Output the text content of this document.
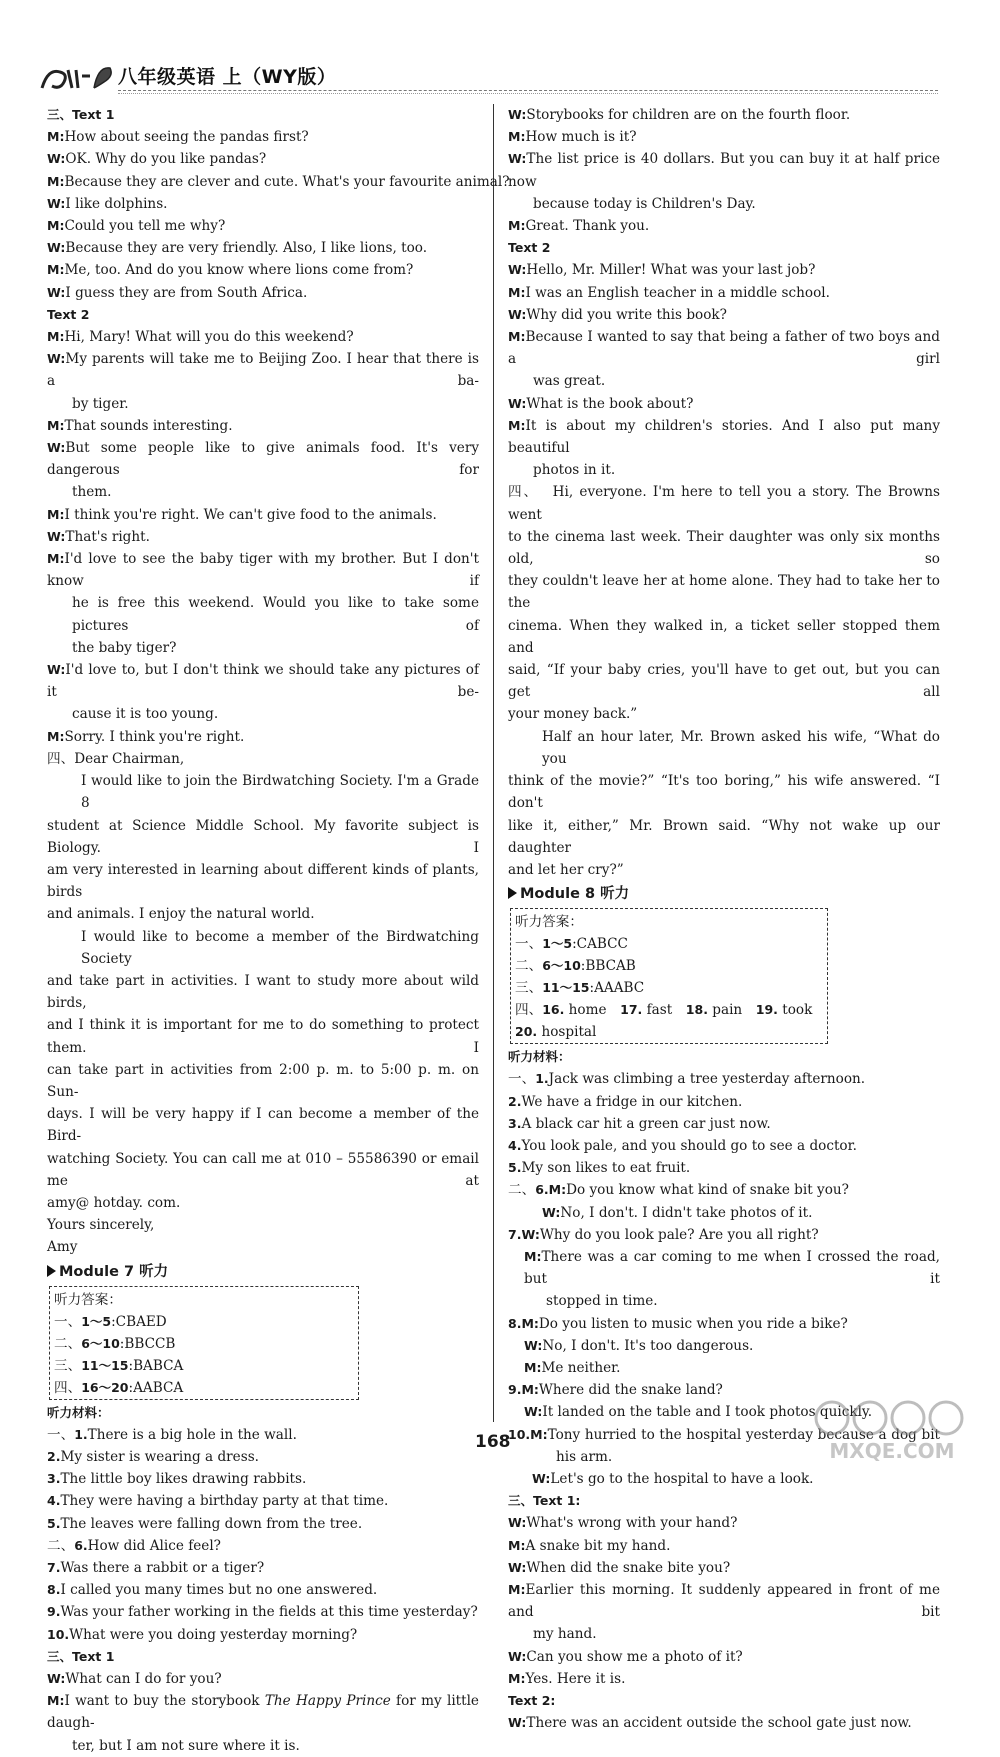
八年级英语 上（WY版）
三、Text 1
M:How about seeing the pandas first?
W:OK. Why do you like pandas?
M:Because they are clever and cute. What's your favourite animal?
W:I like dolphins.
M:Could you tell me why?
W:Because they are very friendly. Also, I like lions, too.
M:Me, too. And do you know where lions come from?
W:I guess they are from South Africa.
Text 2
M:Hi, Mary! What will you do this weekend?
W:My parents will take me to Beijing Zoo. I hear that there is a ba-
by tiger.
M:That sounds interesting.
W:But some people like to give animals food. It's very dangerous for
them.
M:I think you're right. We can't give food to the animals.
W:That's right.
M:I'd love to see the baby tiger with my brother. But I don't know if
he is free this weekend. Would you like to take some pictures of
the baby tiger?
W:I'd love to, but I don't think we should take any pictures of it be-
cause it is too young.
M:Sorry. I think you're right.
四、Dear Chairman,
I would like to join the Birdwatching Society. I'm a Grade 8
student at Science Middle School. My favorite subject is Biology. I
am very interested in learning about different kinds of plants, birds
and animals. I enjoy the natural world.
I would like to become a member of the Birdwatching Society
and take part in activities. I want to study more about wild birds,
and I think it is important for me to do something to protect them. I
can take part in activities from 2:00 p. m. to 5:00 p. m. on Sun-
days. I will be very happy if I can become a member of the Bird-
watching Society. You can call me at 010 – 55586390 or email me at
amy@ hotday. com.
Yours sincerely,
Amy
Module 7 听力
听力答案：
一、1～5:CBAED
二、6～10:BBCCB
三、11～15:BABCA
四、16～20:AABCA
听力材料：
一、1.There is a big hole in the wall.
2.My sister is wearing a dress.
3.The little boy likes drawing rabbits.
4.They were having a birthday party at that time.
5.The leaves were falling down from the tree.
二、6.How did Alice feel?
7.Was there a rabbit or a tiger?
8.I called you many times but no one answered.
9.Was your father working in the fields at this time yesterday?
10.What were you doing yesterday morning?
三、Text 1
W:What can I do for you?
M:I want to buy the storybook The Happy Prince for my little daugh-
ter, but I am not sure where it is.
W:Storybooks for children are on the fourth floor.
M:How much is it?
W:The list price is 40 dollars. But you can buy it at half price now
because today is Children's Day.
M:Great. Thank you.
Text 2
W:Hello, Mr. Miller! What was your last job?
M:I was an English teacher in a middle school.
W:Why did you write this book?
M:Because I wanted to say that being a father of two boys and a girl
was great.
W:What is the book about?
M:It is about my children's stories. And I also put many beautiful
photos in it.
四、  Hi, everyone. I'm here to tell you a story. The Browns went
to the cinema last week. Their daughter was only six months old, so
they couldn't leave her at home alone. They had to take her to the
cinema. When they walked in, a ticket seller stopped them and
said, “If your baby cries, you'll have to get out, but you can get all
your money back.”
Half an hour later, Mr. Brown asked his wife, “What do you
think of the movie?” “It's too boring,” his wife answered. “I don't
like it, either,” Mr. Brown said. “Why not wake up our daughter
and let her cry?”
Module 8 听力
听力答案：
一、1～5:CABCC
二、6～10:BBCAB
三、11～15:AAABC
四、16. home  17. fast  18. pain  19. took
20. hospital
听力材料：
一、1.Jack was climbing a tree yesterday afternoon.
2.We have a fridge in our kitchen.
3.A black car hit a green car just now.
4.You look pale, and you should go to see a doctor.
5.My son likes to eat fruit.
二、6.M:Do you know what kind of snake bit you?
W:No, I don't. I didn't take photos of it.
7.W:Why do you look pale? Are you all right?
M:There was a car coming to me when I crossed the road, but it
stopped in time.
8.M:Do you listen to music when you ride a bike?
W:No, I don't. It's too dangerous.
M:Me neither.
9.M:Where did the snake land?
W:It landed on the table and I took photos quickly.
10.M:Tony hurried to the hospital yesterday because a dog bit
his arm.
W:Let's go to the hospital to have a look.
三、Text 1:
W:What's wrong with your hand?
M:A snake bit my hand.
W:When did the snake bite you?
M:Earlier this morning. It suddenly appeared in front of me and bit
my hand.
W:Can you show me a photo of it?
M:Yes. Here it is.
Text 2:
W:There was an accident outside the school gate just now.
168	MXQE.COM
